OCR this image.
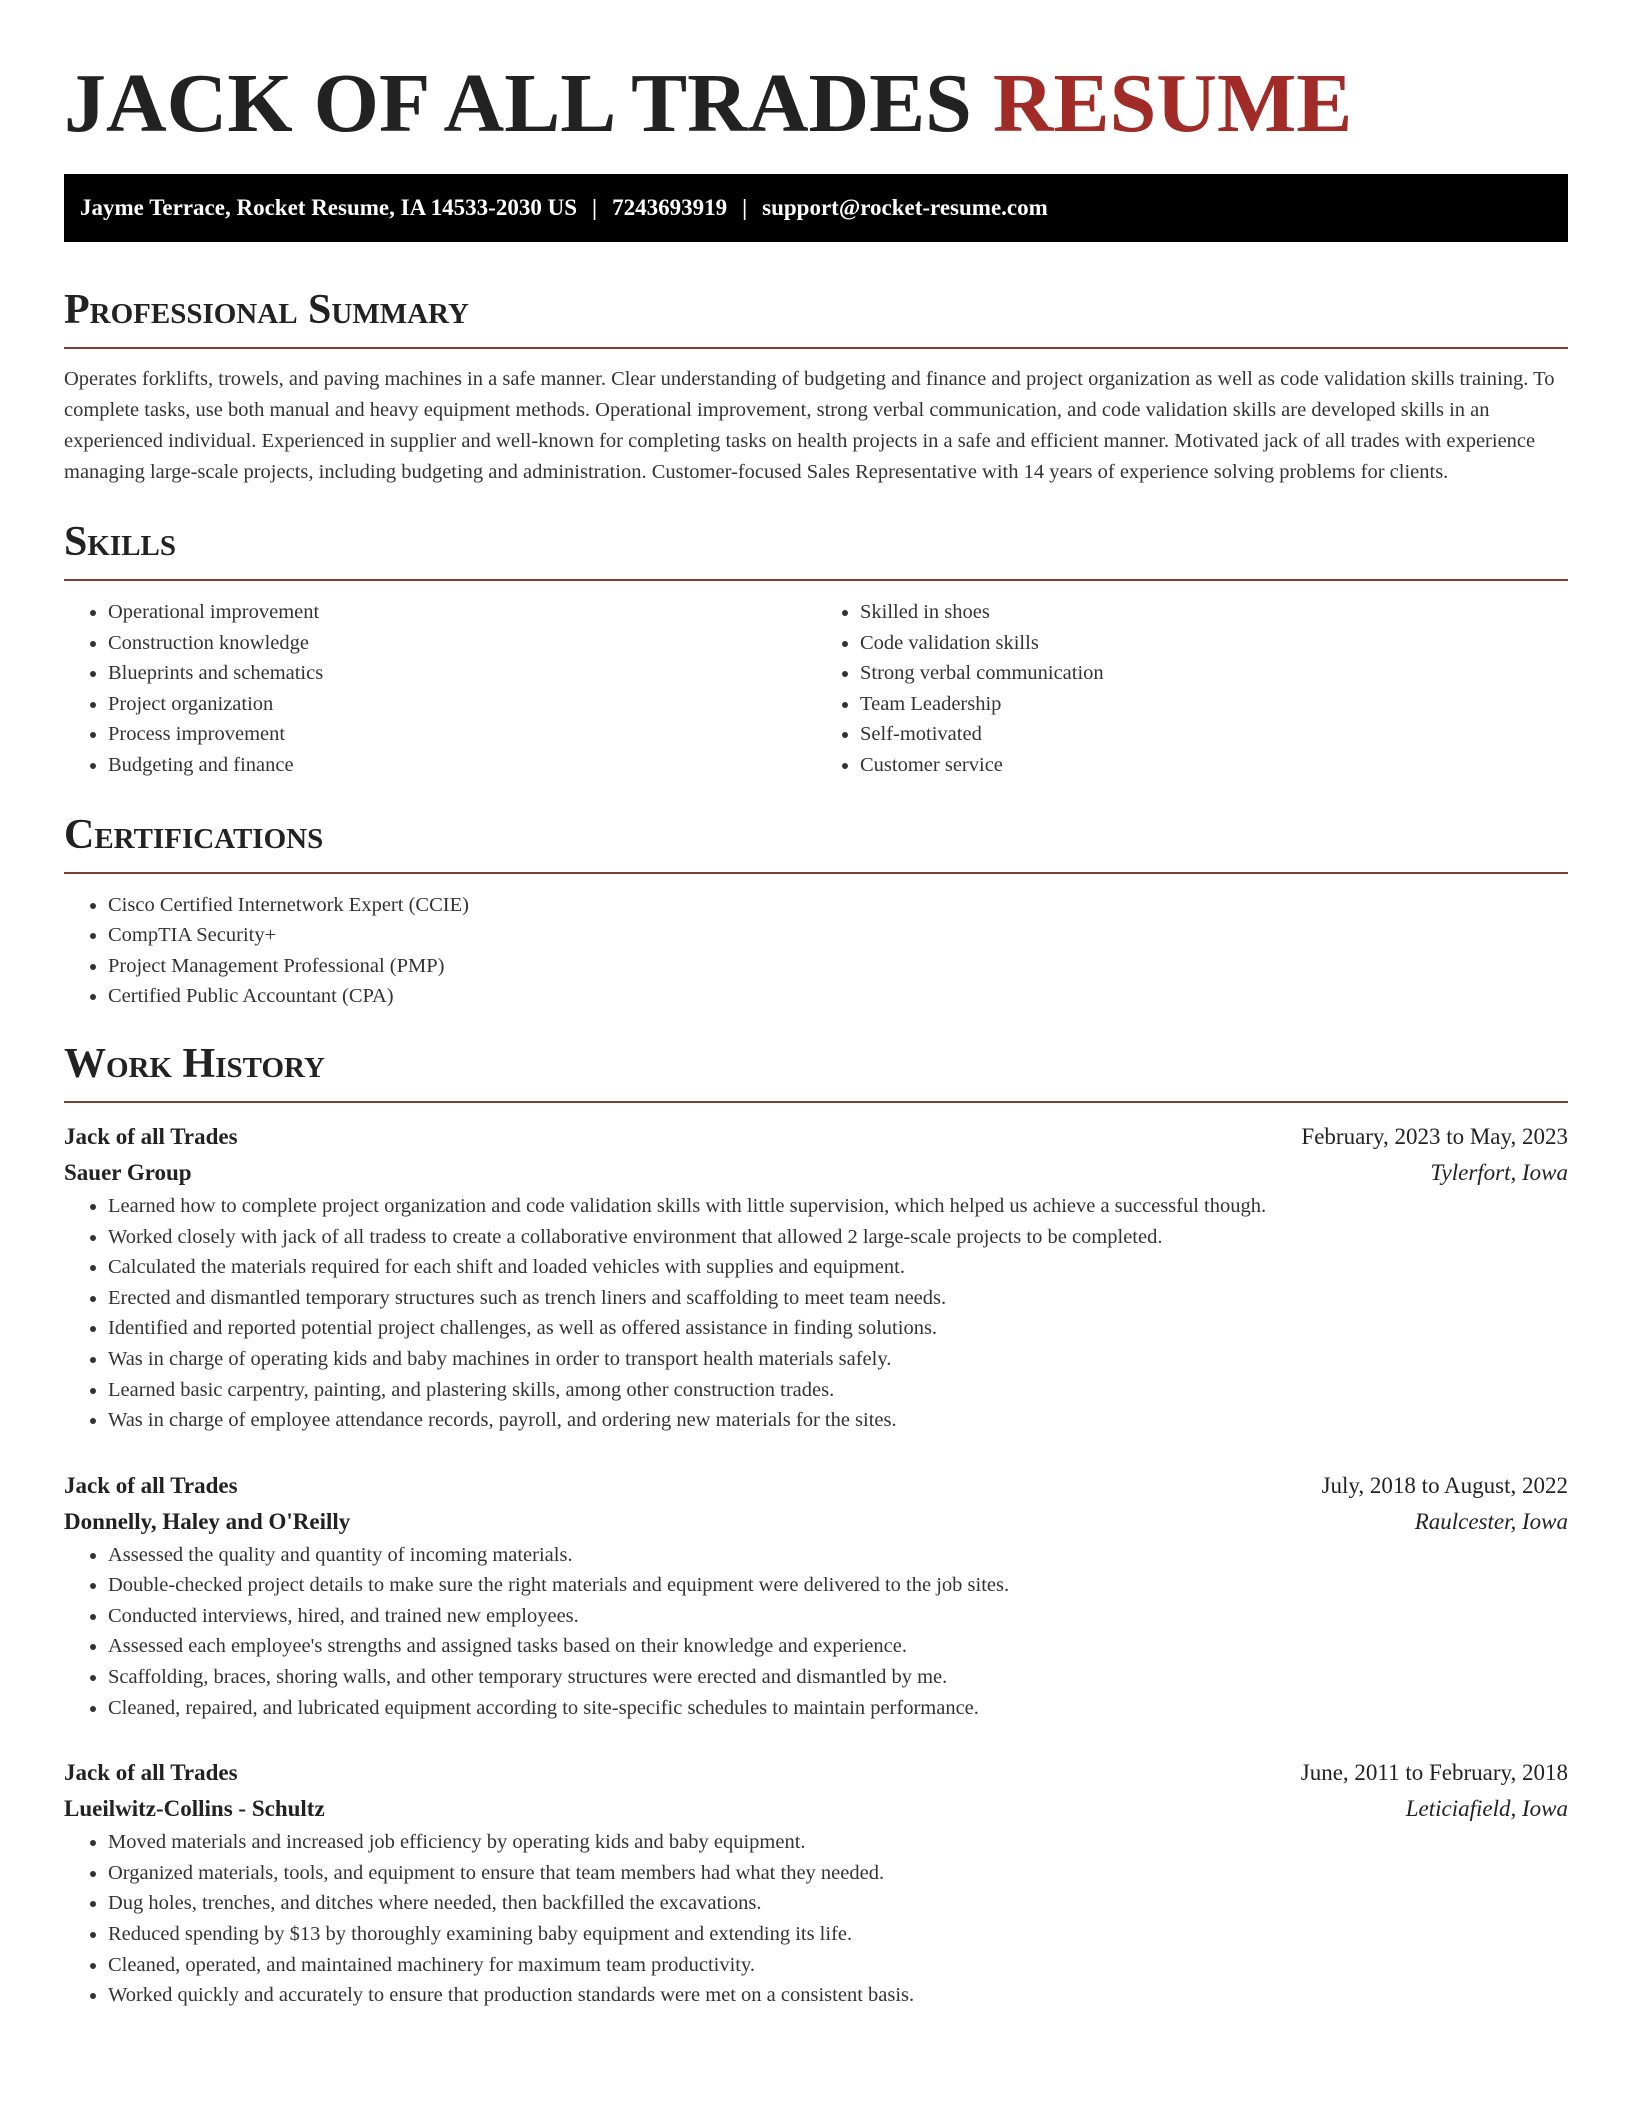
JACK OF ALL TRADES RESUME
Jayme Terrace, Rocket Resume, IA 14533-2030 US | 7243693919 | support@rocket-resume.com
Professional Summary

Operates forklifts, trowels, and paving machines in a safe manner. Clear understanding of budgeting and finance and project organization as well as code validation skills training. To complete tasks, use both manual and heavy equipment methods. Operational improvement, strong verbal communication, and code validation skills are developed skills in an experienced individual. Experienced in supplier and well-known for completing tasks on health projects in a safe and efficient manner. Motivated jack of all trades with experience managing large-scale projects, including budgeting and administration. Customer-focused Sales Representative with 14 years of experience solving problems for clients.

Skills
• Operational improvement
• Construction knowledge
• Blueprints and schematics
• Project organization
• Process improvement
• Budgeting and finance
• Skilled in shoes
• Code validation skills
• Strong verbal communication
• Team Leadership
• Self-motivated
• Customer service
Certifications
• Cisco Certified Internetwork Expert (CCIE)
• CompTIA Security+
• Project Management Professional (PMP)
• Certified Public Accountant (CPA)
Work History
Jack of all Trades	February, 2023 to May, 2023
Sauer Group	Tylerfort, Iowa
• Learned how to complete project organization and code validation skills with little supervision, which helped us achieve a successful though.
• Worked closely with jack of all tradess to create a collaborative environment that allowed 2 large-scale projects to be completed.
• Calculated the materials required for each shift and loaded vehicles with supplies and equipment.
• Erected and dismantled temporary structures such as trench liners and scaffolding to meet team needs.
• Identified and reported potential project challenges, as well as offered assistance in finding solutions.
• Was in charge of operating kids and baby machines in order to transport health materials safely.
• Learned basic carpentry, painting, and plastering skills, among other construction trades.
• Was in charge of employee attendance records, payroll, and ordering new materials for the sites.
Jack of all Trades	July, 2018 to August, 2022
Donnelly, Haley and O'Reilly	Raulcester, Iowa
• Assessed the quality and quantity of incoming materials.
• Double-checked project details to make sure the right materials and equipment were delivered to the job sites.
• Conducted interviews, hired, and trained new employees.
• Assessed each employee's strengths and assigned tasks based on their knowledge and experience.
• Scaffolding, braces, shoring walls, and other temporary structures were erected and dismantled by me.
• Cleaned, repaired, and lubricated equipment according to site-specific schedules to maintain performance.
Jack of all Trades	June, 2011 to February, 2018
Lueilwitz-Collins - Schultz	Leticiafield, Iowa
• Moved materials and increased job efficiency by operating kids and baby equipment.
• Organized materials, tools, and equipment to ensure that team members had what they needed.
• Dug holes, trenches, and ditches where needed, then backfilled the excavations.
• Reduced spending by $13 by thoroughly examining baby equipment and extending its life.
• Cleaned, operated, and maintained machinery for maximum team productivity.
• Worked quickly and accurately to ensure that production standards were met on a consistent basis.
